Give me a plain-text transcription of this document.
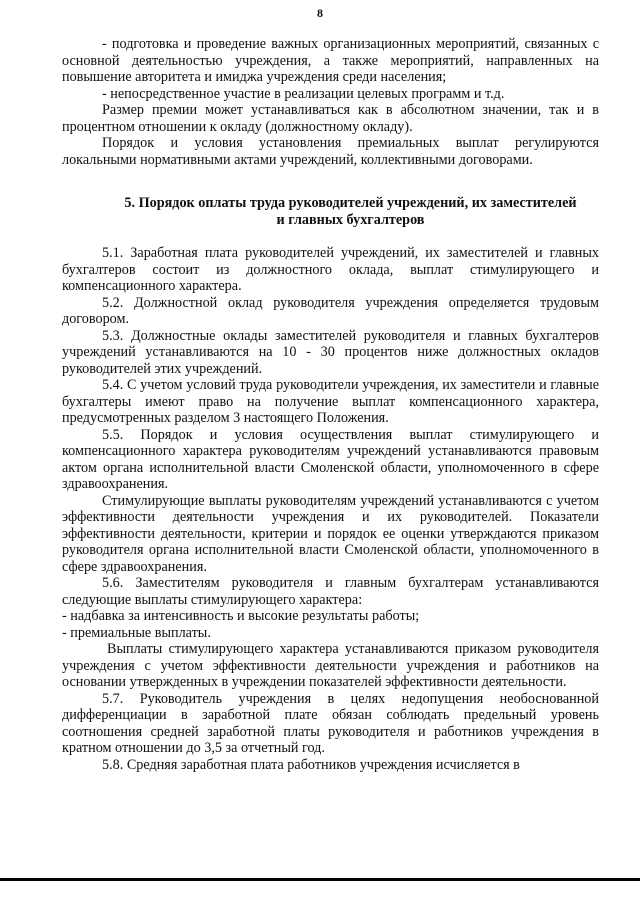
8

- подготовка и проведение важных организационных мероприятий, связанных с основной деятельностью учреждения, а также мероприятий, направленных на повышение авторитета и имиджа учреждения среди населения;

- непосредственное участие в реализации целевых программ и т.д.

Размер премии может устанавливаться как в абсолютном значении, так и в процентном отношении к окладу (должностному окладу).

Порядок и условия установления премиальных выплат регулируются локальными нормативными актами учреждений, коллективными договорами.

5. Порядок оплаты труда руководителей учреждений, их заместителей
и главных бухгалтеров

5.1. Заработная плата руководителей учреждений, их заместителей и главных бухгалтеров состоит из должностного оклада, выплат стимулирующего и компенсационного характера.

5.2. Должностной оклад руководителя учреждения определяется трудовым договором.

5.3. Должностные оклады заместителей руководителя и главных бухгалтеров учреждений устанавливаются на 10 - 30 процентов ниже должностных окладов руководителей этих учреждений.

5.4. С учетом условий труда руководители учреждения, их заместители и главные бухгалтеры имеют право на получение выплат компенсационного характера, предусмотренных разделом 3 настоящего Положения.

5.5. Порядок и условия осуществления выплат стимулирующего и компенсационного характера руководителям учреждений устанавливаются правовым актом органа исполнительной власти Смоленской области, уполномоченного в сфере здравоохранения.

Стимулирующие выплаты руководителям учреждений устанавливаются с учетом эффективности деятельности учреждения и их руководителей. Показатели эффективности деятельности, критерии и порядок ее оценки утверждаются приказом руководителя органа исполнительной власти Смоленской области, уполномоченного в сфере здравоохранения.

5.6. Заместителям руководителя и главным бухгалтерам устанавливаются следующие выплаты стимулирующего характера:

- надбавка за интенсивность и высокие результаты работы;

- премиальные выплаты.

Выплаты стимулирующего характера устанавливаются приказом руководителя учреждения с учетом эффективности деятельности учреждения и работников на основании утвержденных в учреждении показателей эффективности деятельности.

5.7. Руководитель учреждения в целях недопущения необоснованной дифференциации в заработной плате обязан соблюдать предельный уровень соотношения средней заработной платы руководителя и работников учреждения в кратном отношении до 3,5 за отчетный год.

5.8. Средняя заработная плата работников учреждения исчисляется в
